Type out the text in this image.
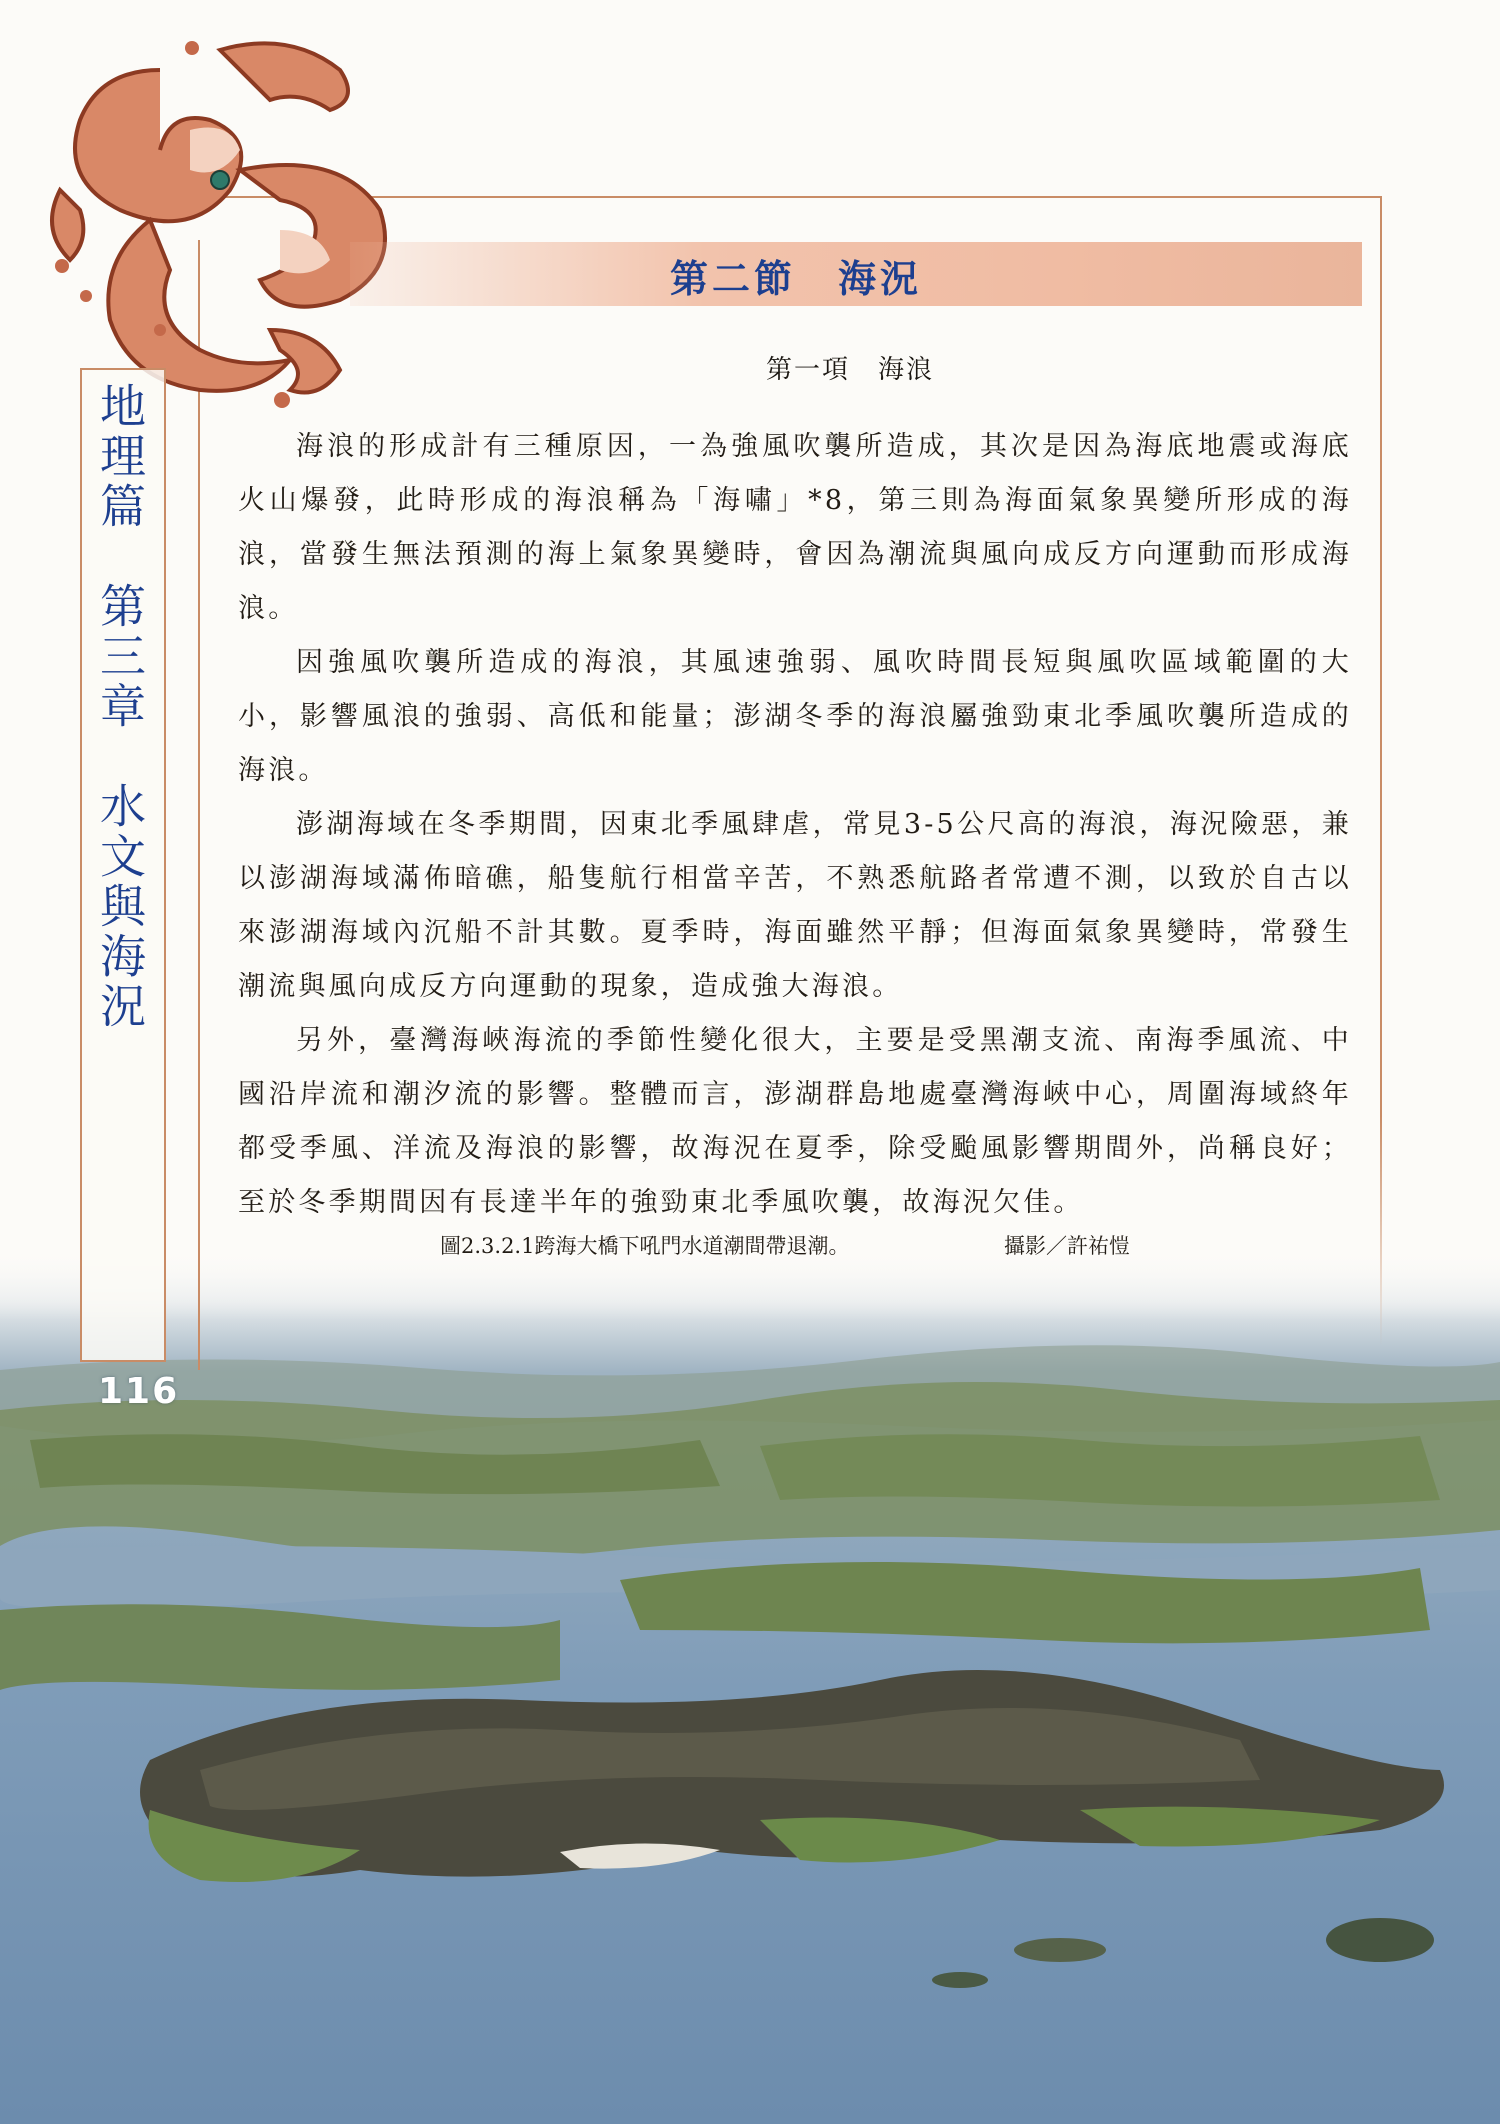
第二節　海況
第一項　海浪
地理篇　第三章　水文與海況	海浪的形成計有三種原因，一為強風吹襲所造成，其次是因為海底地震或海底火山爆發，此時形成的海浪稱為「海嘯」*8，第三則為海面氣象異變所形成的海浪，當發生無法預測的海上氣象異變時，會因為潮流與風向成反方向運動而形成海浪。

因強風吹襲所造成的海浪，其風速強弱、風吹時間長短與風吹區域範圍的大小，影響風浪的強弱、高低和能量；澎湖冬季的海浪屬強勁東北季風吹襲所造成的海浪。

澎湖海域在冬季期間，因東北季風肆虐，常見3-5公尺高的海浪，海況險惡，兼以澎湖海域滿佈暗礁，船隻航行相當辛苦，不熟悉航路者常遭不測，以致於自古以來澎湖海域內沉船不計其數。夏季時，海面雖然平靜；但海面氣象異變時，常發生潮流與風向成反方向運動的現象，造成強大海浪。

另外，臺灣海峽海流的季節性變化很大，主要是受黑潮支流、南海季風流、中國沿岸流和潮汐流的影響。整體而言，澎湖群島地處臺灣海峽中心，周圍海域終年都受季風、洋流及海浪的影響，故海況在夏季，除受颱風影響期間外，尚稱良好；至於冬季期間因有長達半年的強勁東北季風吹襲，故海況欠佳。

圖2.3.2.1跨海大橋下吼門水道潮間帶退潮。	攝影／許祐愷
116
